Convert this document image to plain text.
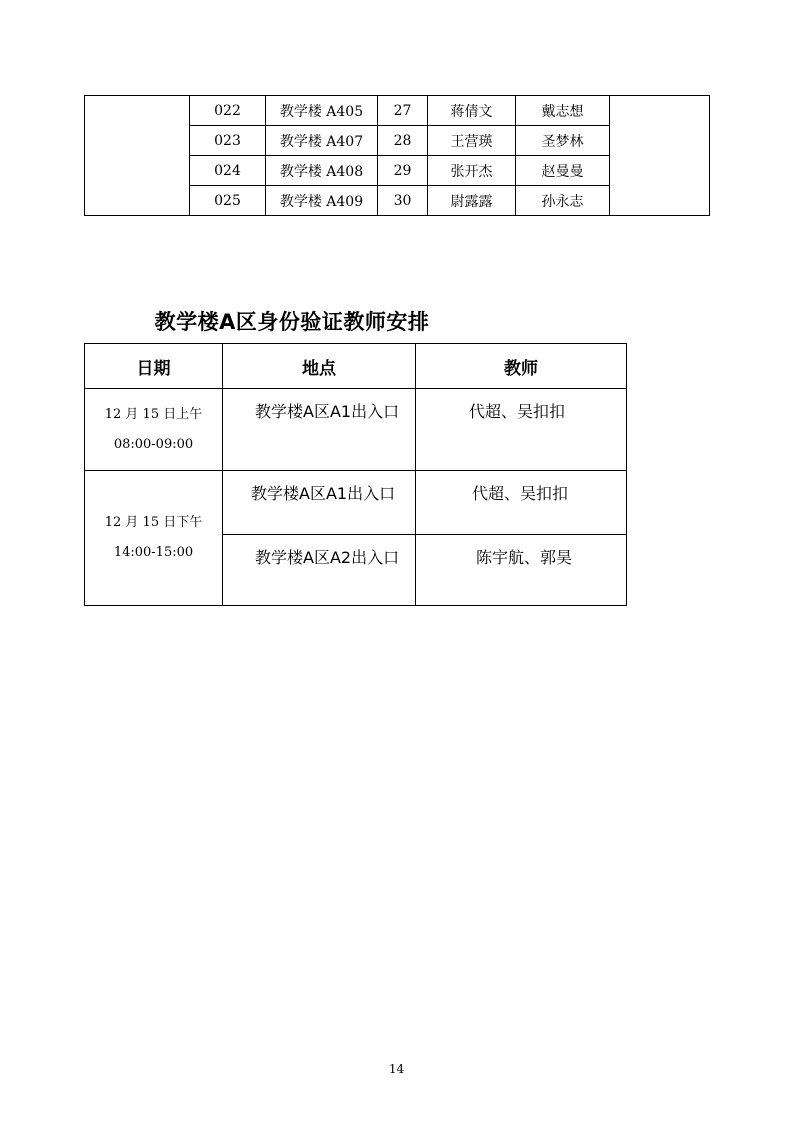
	022	教学楼 A405	27	蒋倩文	戴志想	
	023	教学楼 A407	28	王营瑛	圣梦林	
	024	教学楼 A408	29	张开杰	赵曼曼	
	025	教学楼 A409	30	尉露露	孙永志	
教学楼A区身份验证教师安排
日期	地点	教师

12 月 15 日上午
08:00-09:00	教学楼A区A1出入口	代超、吴扣扣

12 月 15 日下午
14:00-15:00	教学楼A区A1出入口	代超、吴扣扣
	教学楼A区A2出入口	陈宇航、郭昊
14
